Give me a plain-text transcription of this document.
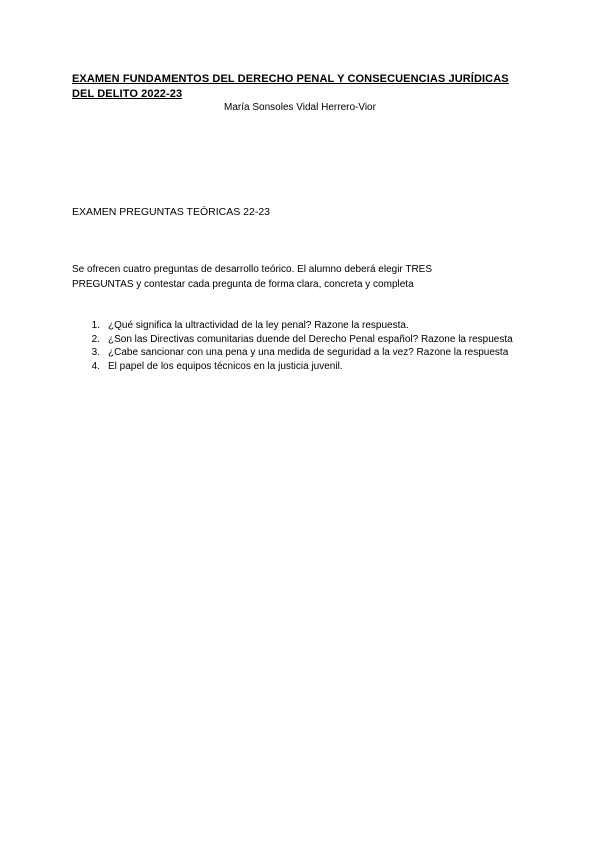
EXAMEN FUNDAMENTOS DEL DERECHO PENAL Y CONSECUENCIAS JURÍDICAS DEL DELITO 2022-23
María Sonsoles Vidal Herrero-Vior
EXAMEN PREGUNTAS TEÓRICAS 22-23
Se ofrecen cuatro preguntas de desarrollo teórico. El alumno deberá elegir TRES PREGUNTAS y contestar cada pregunta de forma clara, concreta y completa
1. ¿Qué significa la ultractividad de la ley penal? Razone la respuesta.
2. ¿Son las Directivas comunitarias duende del Derecho Penal español? Razone la respuesta
3. ¿Cabe sancionar con una pena y una medida de seguridad a la vez? Razone la respuesta
4. El papel de los equipos técnicos en la justicia juvenil.
